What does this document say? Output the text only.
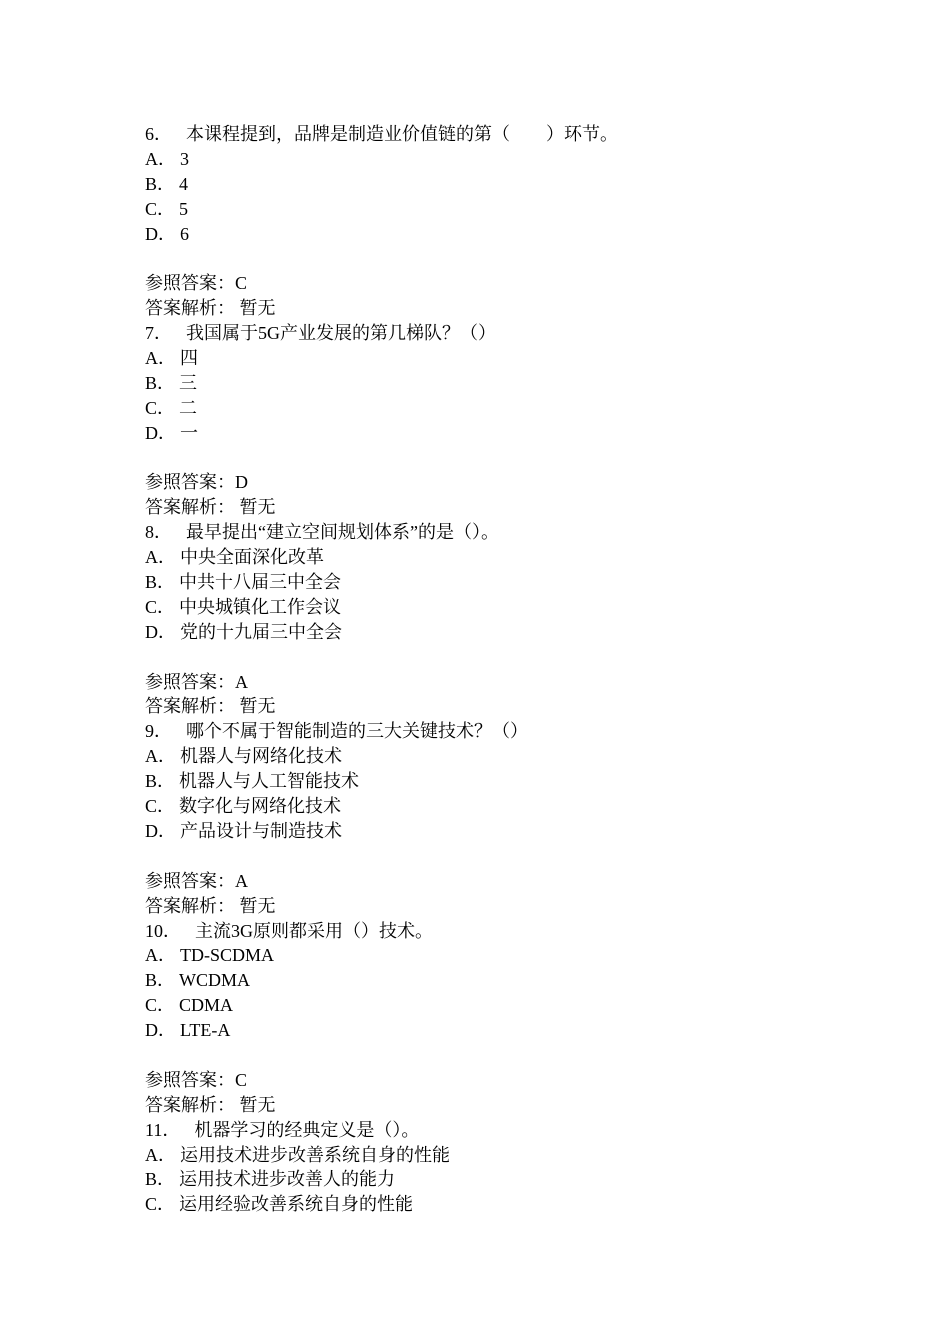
6． 本课程提到，品牌是制造业价值链的第（　　）环节。
A． 3
B． 4
C． 5
D． 6
参照答案：C
答案解析： 暂无
7． 我国属于5G产业发展的第几梯队？（）
A． 四
B． 三
C． 二
D． 一
参照答案：D
答案解析： 暂无
8． 最早提出“建立空间规划体系”的是（）。
A． 中央全面深化改革
B． 中共十八届三中全会
C． 中央城镇化工作会议
D． 党的十九届三中全会
参照答案：A
答案解析： 暂无
9． 哪个不属于智能制造的三大关键技术？（）
A． 机器人与网络化技术
B． 机器人与人工智能技术
C． 数字化与网络化技术
D． 产品设计与制造技术
参照答案：A
答案解析： 暂无
10． 主流3G原则都采用（）技术。
A． TD-SCDMA
B． WCDMA
C． CDMA
D． LTE-A
参照答案：C
答案解析： 暂无
11． 机器学习的经典定义是（）。
A． 运用技术进步改善系统自身的性能
B． 运用技术进步改善人的能力
C． 运用经验改善系统自身的性能
